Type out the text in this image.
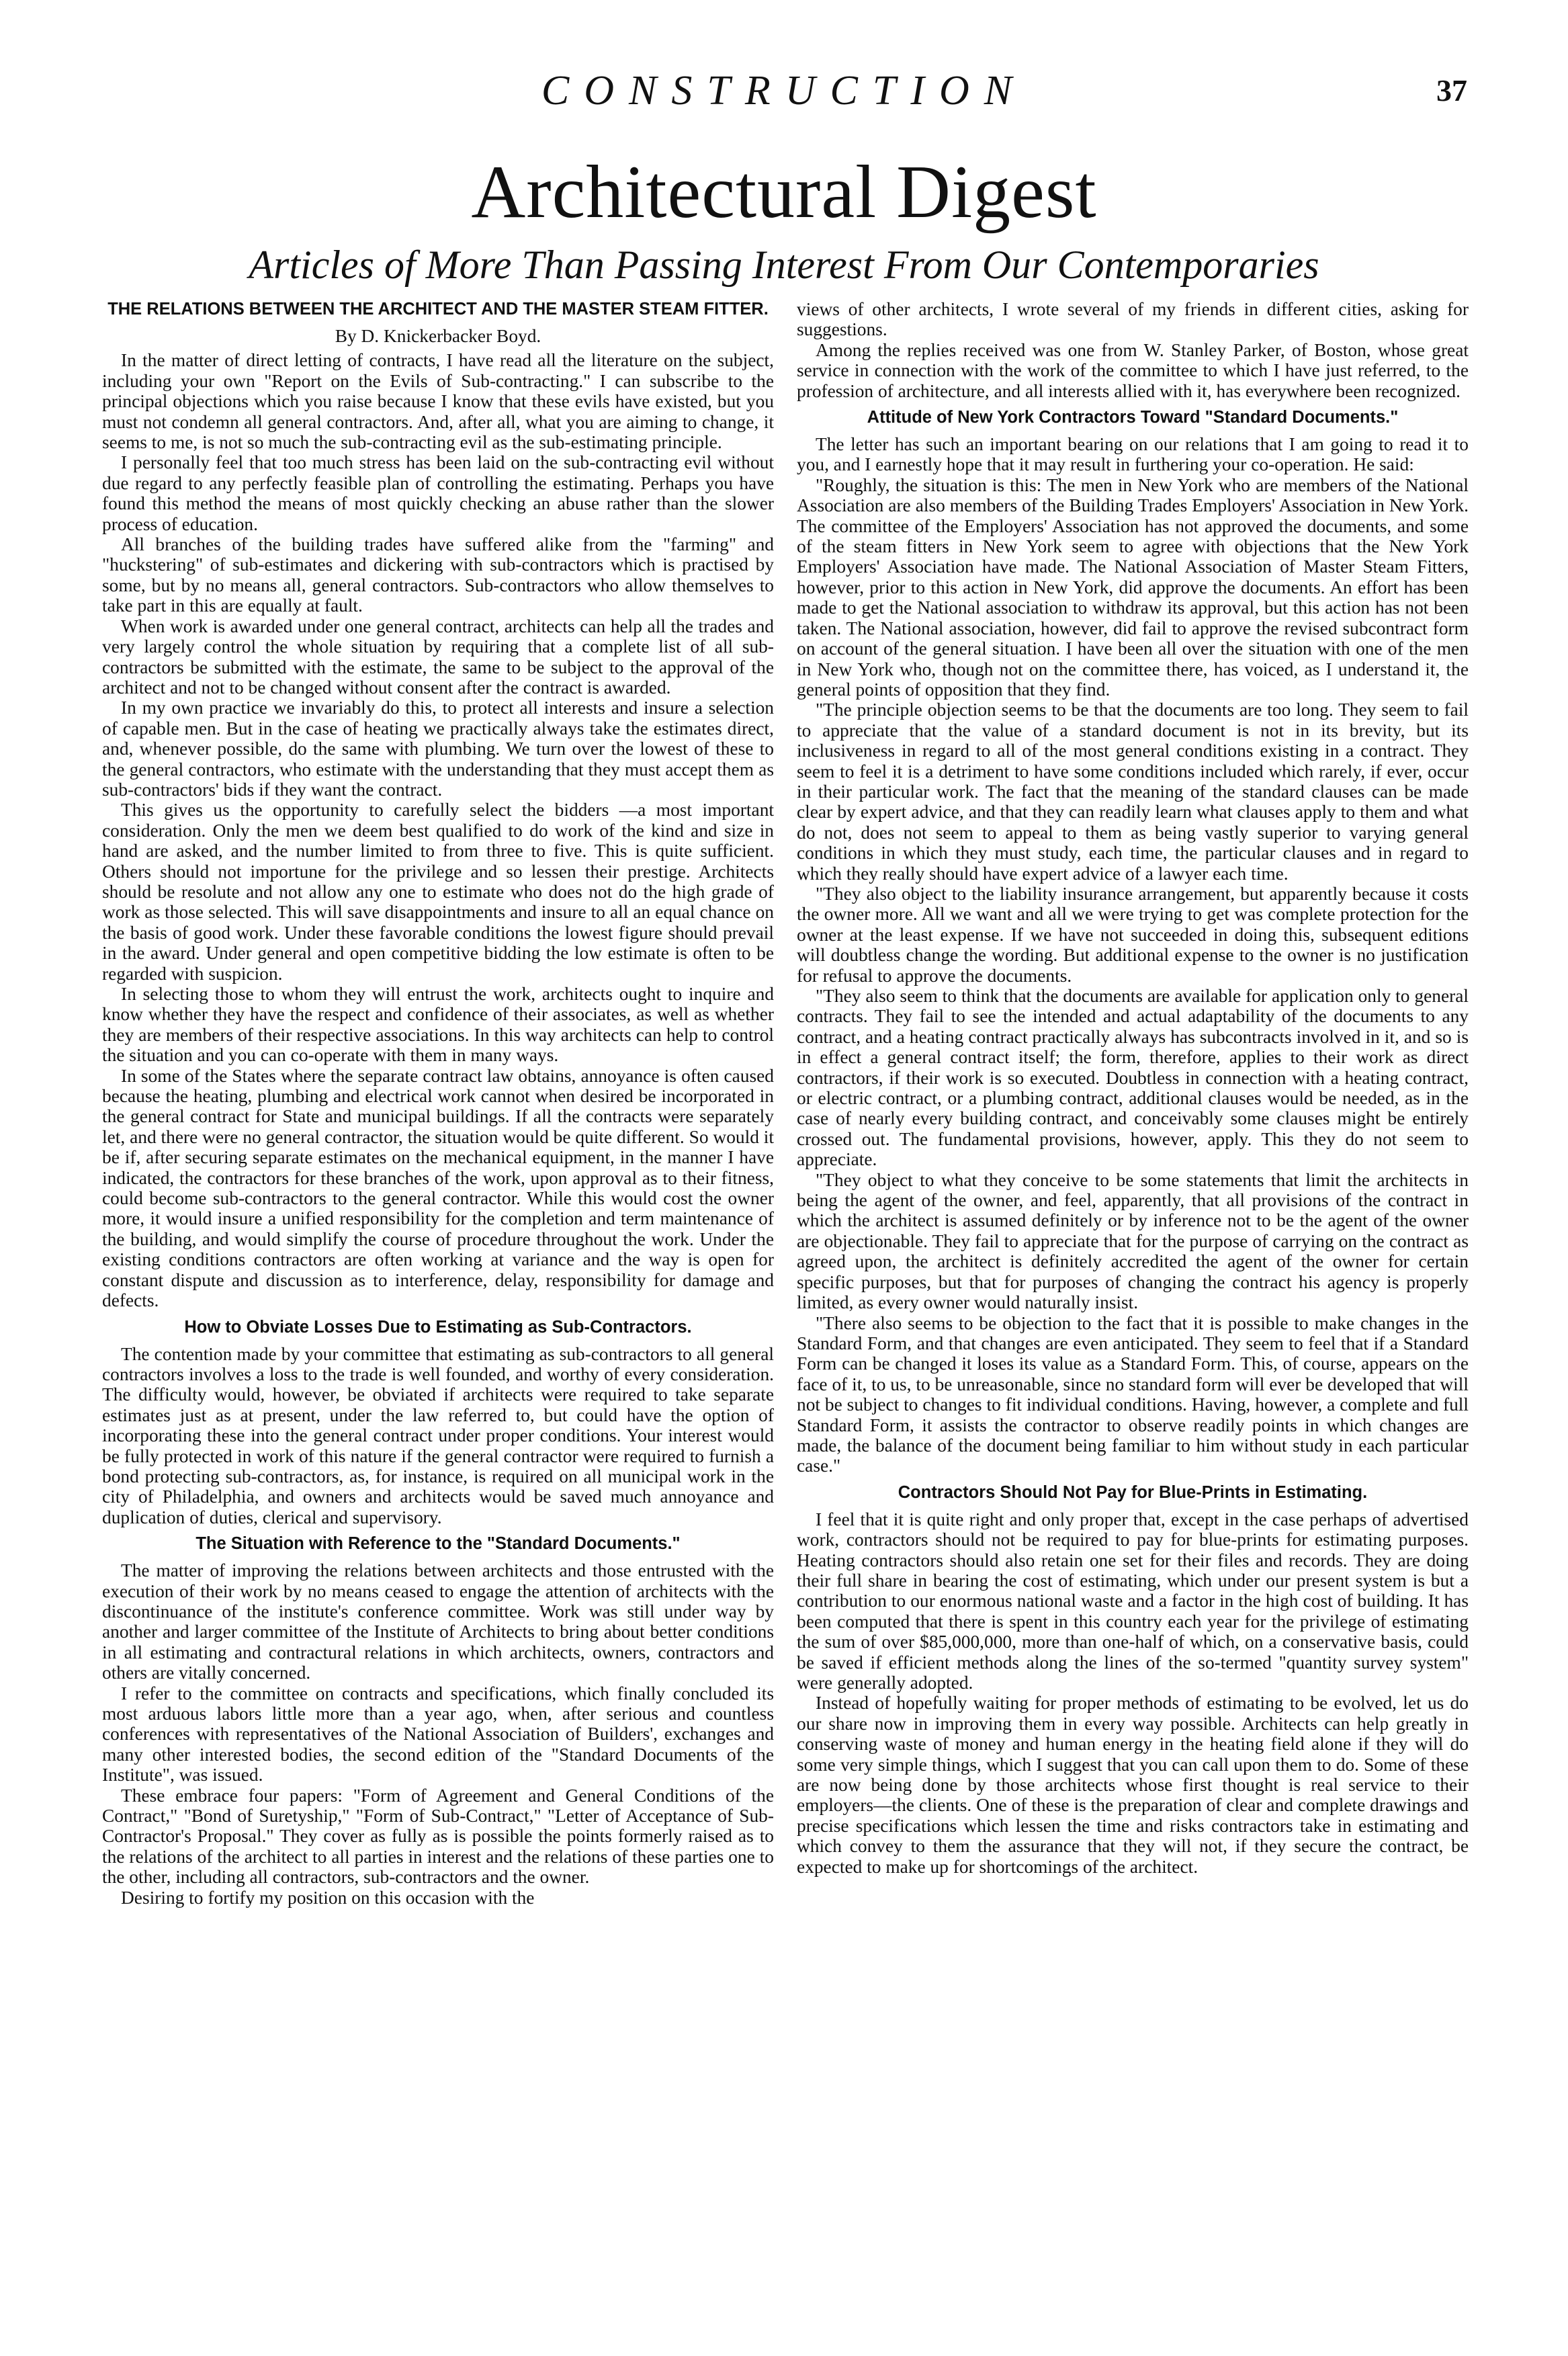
CONSTRUCTION	37
Architectural Digest
Articles of More Than Passing Interest From Our Contemporaries
THE RELATIONS BETWEEN THE ARCHITECT AND THE MASTER STEAM FITTER.
By D. Knickerbacker Boyd.

In the matter of direct letting of contracts, I have read all the literature on the subject, including your own "Report on the Evils of Sub-contracting." I can subscribe to the principal objections which you raise because I know that these evils have existed, but you must not condemn all general contractors. And, after all, what you are aiming to change, it seems to me, is not so much the sub-contracting evil as the sub-estimating principle.

I personally feel that too much stress has been laid on the sub-contracting evil without due regard to any perfectly feasible plan of controlling the estimating. Perhaps you have found this method the means of most quickly checking an abuse rather than the slower process of education.

All branches of the building trades have suffered alike from the "farming" and "huckstering" of sub-estimates and dickering with sub-contractors which is practised by some, but by no means all, general contractors. Sub-contractors who allow themselves to take part in this are equally at fault.

When work is awarded under one general contract, architects can help all the trades and very largely control the whole situation by requiring that a complete list of all sub-contractors be submitted with the estimate, the same to be subject to the approval of the architect and not to be changed without consent after the contract is awarded.

In my own practice we invariably do this, to protect all interests and insure a selection of capable men. But in the case of heating we practically always take the estimates direct, and, whenever possible, do the same with plumbing. We turn over the lowest of these to the general contractors, who estimate with the understanding that they must accept them as sub-contractors' bids if they want the contract.

This gives us the opportunity to carefully select the bidders —a most important consideration. Only the men we deem best qualified to do work of the kind and size in hand are asked, and the number limited to from three to five. This is quite sufficient. Others should not importune for the privilege and so lessen their prestige. Architects should be resolute and not allow any one to estimate who does not do the high grade of work as those selected. This will save disappointments and insure to all an equal chance on the basis of good work. Under these favorable conditions the lowest figure should prevail in the award. Under general and open competitive bidding the low estimate is often to be regarded with suspicion.

In selecting those to whom they will entrust the work, architects ought to inquire and know whether they have the respect and confidence of their associates, as well as whether they are members of their respective associations. In this way architects can help to control the situation and you can co-operate with them in many ways.

In some of the States where the separate contract law obtains, annoyance is often caused because the heating, plumbing and electrical work cannot when desired be incorporated in the general contract for State and municipal buildings. If all the contracts were separately let, and there were no general contractor, the situation would be quite different. So would it be if, after securing separate estimates on the mechanical equipment, in the manner I have indicated, the contractors for these branches of the work, upon approval as to their fitness, could become sub-contractors to the general contractor. While this would cost the owner more, it would insure a unified responsibility for the completion and term maintenance of the building, and would simplify the course of procedure throughout the work. Under the existing conditions contractors are often working at variance and the way is open for constant dispute and discussion as to interference, delay, responsibility for damage and defects.

How to Obviate Losses Due to Estimating as Sub-Contractors.

The contention made by your committee that estimating as sub-contractors to all general contractors involves a loss to the trade is well founded, and worthy of every consideration. The difficulty would, however, be obviated if architects were required to take separate estimates just as at present, under the law referred to, but could have the option of incorporating these into the general contract under proper conditions. Your interest would be fully protected in work of this nature if the general contractor were required to furnish a bond protecting sub-contractors, as, for instance, is required on all municipal work in the city of Philadelphia, and owners and architects would be saved much annoyance and duplication of duties, clerical and supervisory.

The Situation with Reference to the "Standard Documents."

The matter of improving the relations between architects and those entrusted with the execution of their work by no means ceased to engage the attention of architects with the discontinuance of the institute's conference committee. Work was still under way by another and larger committee of the Institute of Architects to bring about better conditions in all estimating and contractural relations in which architects, owners, contractors and others are vitally concerned.

I refer to the committee on contracts and specifications, which finally concluded its most arduous labors little more than a year ago, when, after serious and countless conferences with representatives of the National Association of Builders', exchanges and many other interested bodies, the second edition of the "Standard Documents of the Institute", was issued.

These embrace four papers: "Form of Agreement and General Conditions of the Contract," "Bond of Suretyship," "Form of Sub-Contract," "Letter of Acceptance of Sub-Contractor's Proposal." They cover as fully as is possible the points formerly raised as to the relations of the architect to all parties in interest and the relations of these parties one to the other, including all contractors, sub-contractors and the owner.

Desiring to fortify my position on this occasion with the

views of other architects, I wrote several of my friends in different cities, asking for suggestions.

Among the replies received was one from W. Stanley Parker, of Boston, whose great service in connection with the work of the committee to which I have just referred, to the profession of architecture, and all interests allied with it, has everywhere been recognized.

Attitude of New York Contractors Toward "Standard Documents."

The letter has such an important bearing on our relations that I am going to read it to you, and I earnestly hope that it may result in furthering your co-operation. He said:

"Roughly, the situation is this: The men in New York who are members of the National Association are also members of the Building Trades Employers' Association in New York. The committee of the Employers' Association has not approved the documents, and some of the steam fitters in New York seem to agree with objections that the New York Employers' Association have made. The National Association of Master Steam Fitters, however, prior to this action in New York, did approve the documents. An effort has been made to get the National association to withdraw its approval, but this action has not been taken. The National association, however, did fail to approve the revised subcontract form on account of the general situation. I have been all over the situation with one of the men in New York who, though not on the committee there, has voiced, as I understand it, the general points of opposition that they find.

"The principle objection seems to be that the documents are too long. They seem to fail to appreciate that the value of a standard document is not in its brevity, but its inclusiveness in regard to all of the most general conditions existing in a contract. They seem to feel it is a detriment to have some conditions included which rarely, if ever, occur in their particular work. The fact that the meaning of the standard clauses can be made clear by expert advice, and that they can readily learn what clauses apply to them and what do not, does not seem to appeal to them as being vastly superior to varying general conditions in which they must study, each time, the particular clauses and in regard to which they really should have expert advice of a lawyer each time.

"They also object to the liability insurance arrangement, but apparently because it costs the owner more. All we want and all we were trying to get was complete protection for the owner at the least expense. If we have not succeeded in doing this, subsequent editions will doubtless change the wording. But additional expense to the owner is no justification for refusal to approve the documents.

"They also seem to think that the documents are available for application only to general contracts. They fail to see the intended and actual adaptability of the documents to any contract, and a heating contract practically always has subcontracts involved in it, and so is in effect a general contract itself; the form, therefore, applies to their work as direct contractors, if their work is so executed. Doubtless in connection with a heating contract, or electric contract, or a plumbing contract, additional clauses would be needed, as in the case of nearly every building contract, and conceivably some clauses might be entirely crossed out. The fundamental provisions, however, apply. This they do not seem to appreciate.

"They object to what they conceive to be some statements that limit the architects in being the agent of the owner, and feel, apparently, that all provisions of the contract in which the architect is assumed definitely or by inference not to be the agent of the owner are objectionable. They fail to appreciate that for the purpose of carrying on the contract as agreed upon, the architect is definitely accredited the agent of the owner for certain specific purposes, but that for purposes of changing the contract his agency is properly limited, as every owner would naturally insist.

"There also seems to be objection to the fact that it is possible to make changes in the Standard Form, and that changes are even anticipated. They seem to feel that if a Standard Form can be changed it loses its value as a Standard Form. This, of course, appears on the face of it, to us, to be unreasonable, since no standard form will ever be developed that will not be subject to changes to fit individual conditions. Having, however, a complete and full Standard Form, it assists the contractor to observe readily points in which changes are made, the balance of the document being familiar to him without study in each particular case."

Contractors Should Not Pay for Blue-Prints in Estimating.

I feel that it is quite right and only proper that, except in the case perhaps of advertised work, contractors should not be required to pay for blue-prints for estimating purposes. Heating contractors should also retain one set for their files and records. They are doing their full share in bearing the cost of estimating, which under our present system is but a contribution to our enormous national waste and a factor in the high cost of building. It has been computed that there is spent in this country each year for the privilege of estimating the sum of over $85,000,000, more than one-half of which, on a conservative basis, could be saved if efficient methods along the lines of the so-termed "quantity survey system" were generally adopted.

Instead of hopefully waiting for proper methods of estimating to be evolved, let us do our share now in improving them in every way possible. Architects can help greatly in conserving waste of money and human energy in the heating field alone if they will do some very simple things, which I suggest that you can call upon them to do. Some of these are now being done by those architects whose first thought is real service to their employers—the clients. One of these is the preparation of clear and complete drawings and precise specifications which lessen the time and risks contractors take in estimating and which convey to them the assurance that they will not, if they secure the contract, be expected to make up for shortcomings of the architect.
